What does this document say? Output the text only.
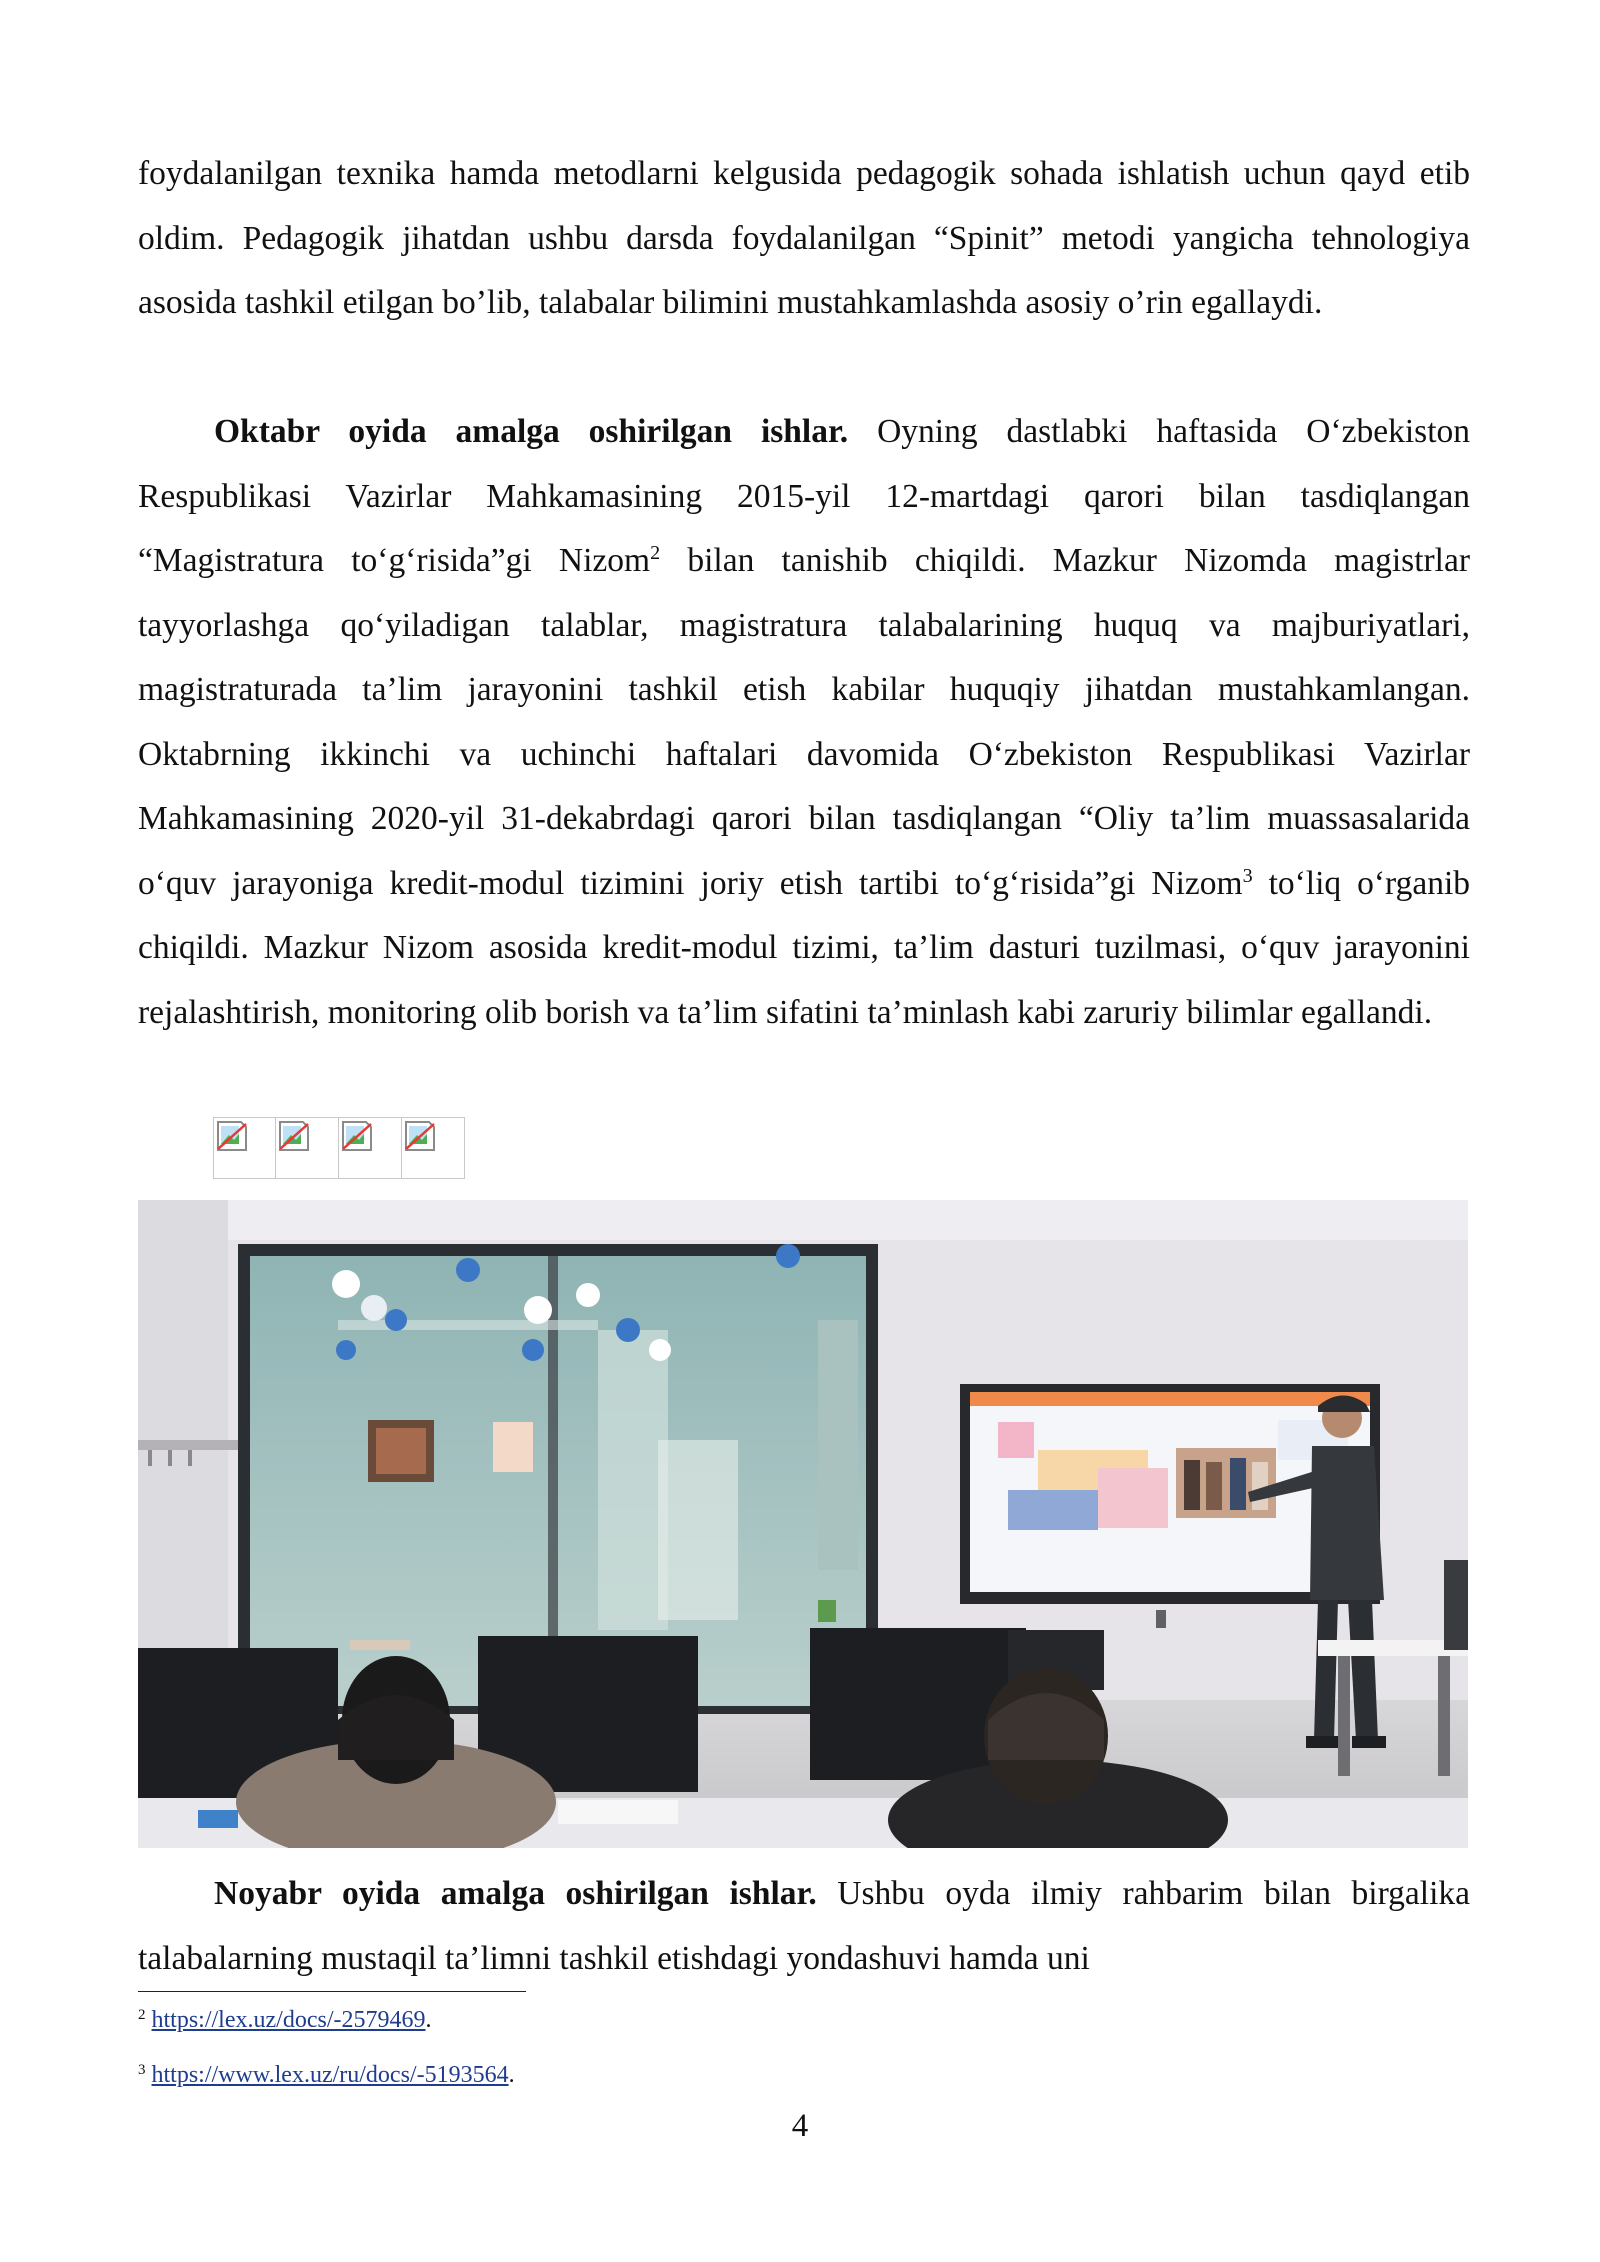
foydalanilgan texnika hamda metodlarni kelgusida pedagogik sohada ishlatish uchun qayd etib oldim. Pedagogik jihatdan ushbu darsda foydalanilgan “Spinit” metodi yangicha tehnologiya asosida tashkil etilgan bo’lib, talabalar bilimini mustahkamlashda asosiy o’rin egallaydi.

Oktabr oyida amalga oshirilgan ishlar. Oyning dastlabki haftasida O‘zbekiston Respublikasi Vazirlar Mahkamasining 2015-yil 12-martdagi qarori bilan tasdiqlangan “Magistratura to‘g‘risida”gi Nizom$^2$ bilan tanishib chiqildi. Mazkur Nizomda magistrlar tayyorlashga qo‘yiladigan talablar, magistratura talabalarining huquq va majburiyatlari, magistraturada ta’lim jarayonini tashkil etish kabilar huquqiy jihatdan mustahkamlangan. Oktabrning ikkinchi va uchinchi haftalari davomida O‘zbekiston Respublikasi Vazirlar Mahkamasining 2020-yil 31-dekabrdagi qarori bilan tasdiqlangan “Oliy ta’lim muassasalarida o‘quv jarayoniga kredit-modul tizimini joriy etish tartibi to‘g‘risida”gi Nizom$^3$ to‘liq o‘rganib chiqildi. Mazkur Nizom asosida kredit-modul tizimi, ta’lim dasturi tuzilmasi, o‘quv jarayonini rejalashtirish, monitoring olib borish va ta’lim sifatini ta’minlash kabi zaruriy bilimlar egallandi.

Noyabr oyida amalga oshirilgan ishlar. Ushbu oyda ilmiy rahbarim bilan birgalika talabalarning mustaqil ta’limni tashkil etishdagi yondashuvi hamda uni

$^2$ https://lex.uz/docs/-2579469.
$^3$ https://www.lex.uz/ru/docs/-5193564.
4
